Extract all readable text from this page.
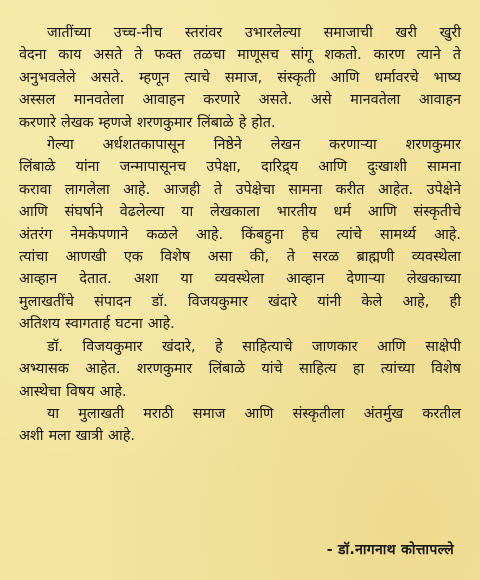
जातींच्या उच्च-नीच स्तरांवर उभारलेल्या समाजाची खरी खुरी
वेदना काय असते ते फक्त तळचा माणूसच सांगू शकतो. कारण त्याने ते
अनुभवलेले असते. म्हणून त्याचे समाज, संस्कृती आणि धर्मावरचे भाष्य
अस्सल मानवतेला आवाहन करणारे असते. असे मानवतेला आवाहन
करणारे लेखक म्हणजे शरणकुमार लिंबाळे हे होत.
गेल्या अर्धशतकापासून निष्ठेने लेखन करणाऱ्या शरणकुमार
लिंबाळे यांना जन्मापासूनच उपेक्षा, दारिद्र्य आणि दुःखाशी सामना
करावा लागलेला आहे. आजही ते उपेक्षेचा सामना करीत आहेत. उपेक्षेने
आणि संघर्षाने वेढलेल्या या लेखकाला भारतीय धर्म आणि संस्कृतीचे
अंतरंग नेमकेपणाने कळले आहे. किंबहुना हेच त्यांचे सामर्थ्य आहे.
त्यांचा आणखी एक विशेष असा की, ते सरळ ब्राह्मणी व्यवस्थेला
आव्हान देतात. अशा या व्यवस्थेला आव्हान देणाऱ्या लेखकाच्या
मुलाखतींचे संपादन डॉ. विजयकुमार खंदारे यांनी केले आहे, ही
अतिशय स्वागतार्ह घटना आहे.
डॉ. विजयकुमार खंदारे, हे साहित्याचे जाणकार आणि साक्षेपी
अभ्यासक आहेत. शरणकुमार लिंबाळे यांचे साहित्य हा त्यांच्या विशेष
आस्थेचा विषय आहे.
या मुलाखती मराठी समाज आणि संस्कृतीला अंतर्मुख करतील
अशी मला खात्री आहे.
- डॉ.नागनाथ कोत्तापल्ले
